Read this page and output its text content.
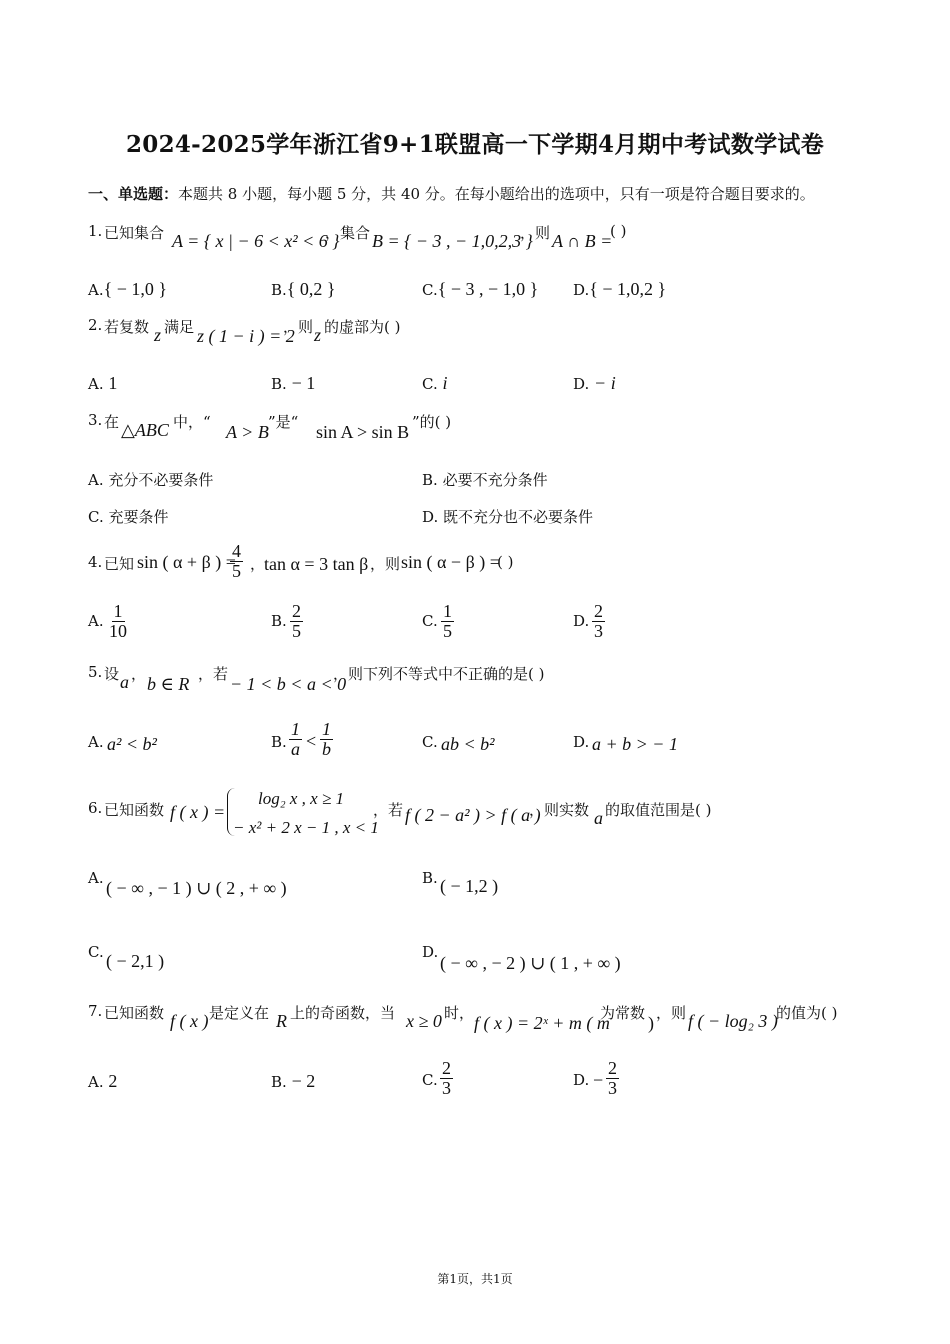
2024-2025学年浙江省9+1联盟高一下学期4月期中考试数学试卷
一、单选题：本题共 8 小题，每小题 5 分，共 40 分。在每小题给出的选项中，只有一项是符合题目要求的。
1. 已知集合 A = { x | − 6 < x² < 6 }
，集合 B = { − 3 , − 1,0,2,3 }
，则 A ∩ B =
( )
A.{ − 1,0 }	B.{ 0,2 }	C.{ − 3 , − 1,0 } D.{ − 1,0,2 }
2. 若复数 z 满足 z ( 1 − i ) = 2
，则 z 的虚部为( )
A. 1	B. − 1	C. i	D. − i
3. 在 △ABC 中，“ A > B ”是“ sin A > sin B ”的( )
A. 充分不必要条件	B. 必要不充分条件
C. 充要条件	D. 既不充分也不必要条件
4. 已知 sin ( α + β ) =
$\frac{4}{5}$ ，
tan α = 3 tan β ，则 sin ( α − β ) =
( )
A. $\frac{1}{10}$	B. $\frac{2}{5}$	C. $\frac{1}{5}$	D. $\frac{2}{3}$
5. 设 a ， b ∈ R ，若 − 1 < b < a < 0
，则下列不等式中不正确的是( )
A. a² < b²	B. $\frac{1}{a} < \frac{1}{b}$	C. ab < b²	D. a + b > − 1
6. 已知函数 f ( x ) =
log₂ x , x ≥ 1
− x² + 2 x − 1 , x < 1
，若 f ( 2 − a² ) > f ( a )
，则实数 a 的取值范围是( )
A. ( − ∞ , − 1 ) ∪ ( 2 , + ∞ )	B. ( − 1,2 )
C. ( − 2,1 )	D.
( − ∞ , − 2 ) ∪ ( 1 , + ∞ )
7. 已知函数 f ( x ) 是定义在 R 上的奇函数，当 x ≥ 0 时， f ( x ) = 2ˣ + m ( m
为常数 ) ，则 f ( − log₂ 3 )
的值为( )
A. 2	B. − 2	C. $\frac{2}{3}$	D. − $\frac{2}{3}$
第1页，共1页
